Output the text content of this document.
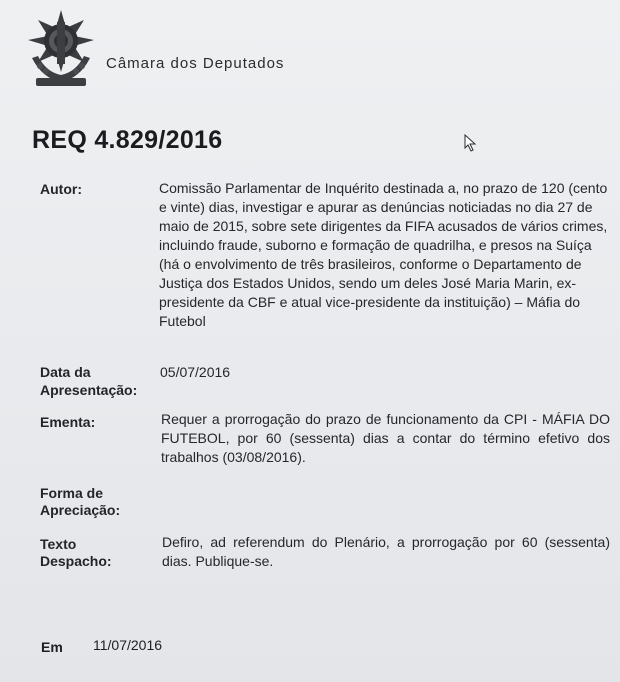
Câmara dos Deputados
REQ 4.829/2016
Autor:	Comissão Parlamentar de Inquérito destinada a, no prazo de 120 (cento e vinte) dias, investigar e apurar as denúncias noticiadas no dia 27 de maio de 2015, sobre sete dirigentes da FIFA acusados de vários crimes, incluindo fraude, suborno e formação de quadrilha, e presos na Suíça (há o envolvimento de três brasileiros, conforme o Departamento de Justiça dos Estados Unidos, sendo um deles José Maria Marin, ex-presidente da CBF e atual vice-presidente da instituição) – Máfia do Futebol
Data da
Apresentação:
05/07/2016
Ementa:	Requer a prorrogação do prazo de funcionamento da CPI - MÁFIA DO FUTEBOL, por 60 (sessenta) dias a contar do término efetivo dos trabalhos (03/08/2016).
Forma de
Apreciação:
Texto
Despacho:
Defiro, ad referendum do Plenário, a prorrogação por 60 (sessenta) dias. Publique-se.
Em 11/07/2016
